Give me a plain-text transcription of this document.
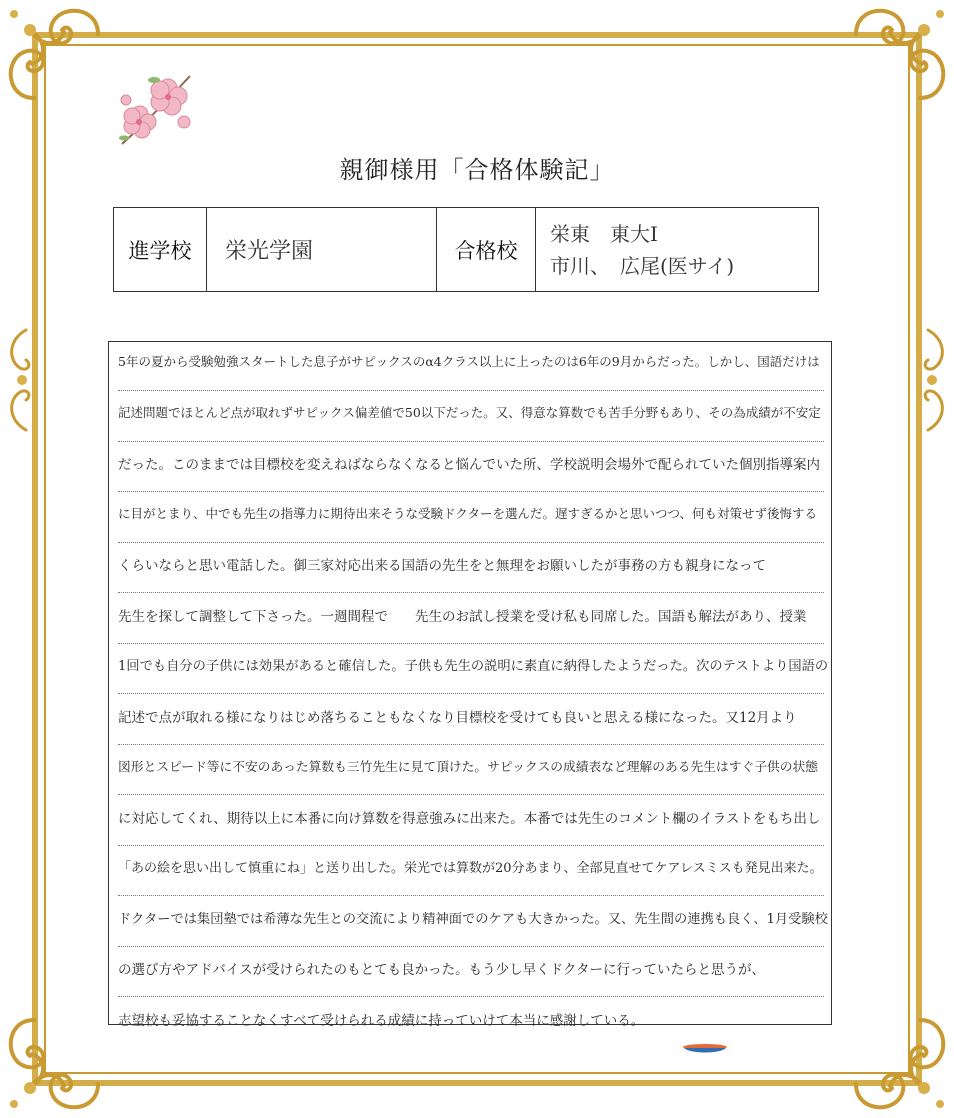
親御様用「合格体験記」
進学校	栄光学園	合格校	
栄東　東大Ⅰ
市川、　広尾(医サイ)
5年の夏から受験勉強スタートした息子がサピックスのα4クラス以上に上ったのは6年の9月からだった。しかし、国語だけは
記述問題でほとんど点が取れずサピックス偏差値で50以下だった。又、得意な算数でも苦手分野もあり、その為成績が不安定
だった。このままでは目標校を変えねばならなくなると悩んでいた所、学校説明会場外で配られていた個別指導案内
に目がとまり、中でも先生の指導力に期待出来そうな受験ドクターを選んだ。遅すぎるかと思いつつ、何も対策せず後悔する
くらいならと思い電話した。御三家対応出来る国語の先生をと無理をお願いしたが事務の方も親身になって
先生を探して調整して下さった。一週間程で　　先生のお試し授業を受け私も同席した。国語も解法があり、授業
1回でも自分の子供には効果があると確信した。子供も先生の説明に素直に納得したようだった。次のテストより国語の
記述で点が取れる様になりはじめ落ちることもなくなり目標校を受けても良いと思える様になった。又12月より
図形とスピード等に不安のあった算数も三竹先生に見て頂けた。サピックスの成績表など理解のある先生はすぐ子供の状態
に対応してくれ、期待以上に本番に向け算数を得意強みに出来た。本番では先生のコメント欄のイラストをもち出し
「あの絵を思い出して慎重にね」と送り出した。栄光では算数が20分あまり、全部見直せてケアレスミスも発見出来た。
ドクターでは集団塾では希薄な先生との交流により精神面でのケアも大きかった。又、先生間の連携も良く、1月受験校
の選び方やアドバイスが受けられたのもとても良かった。もう少し早くドクターに行っていたらと思うが、
志望校も妥協することなくすべて受けられる成績に持っていけて本当に感謝している。
